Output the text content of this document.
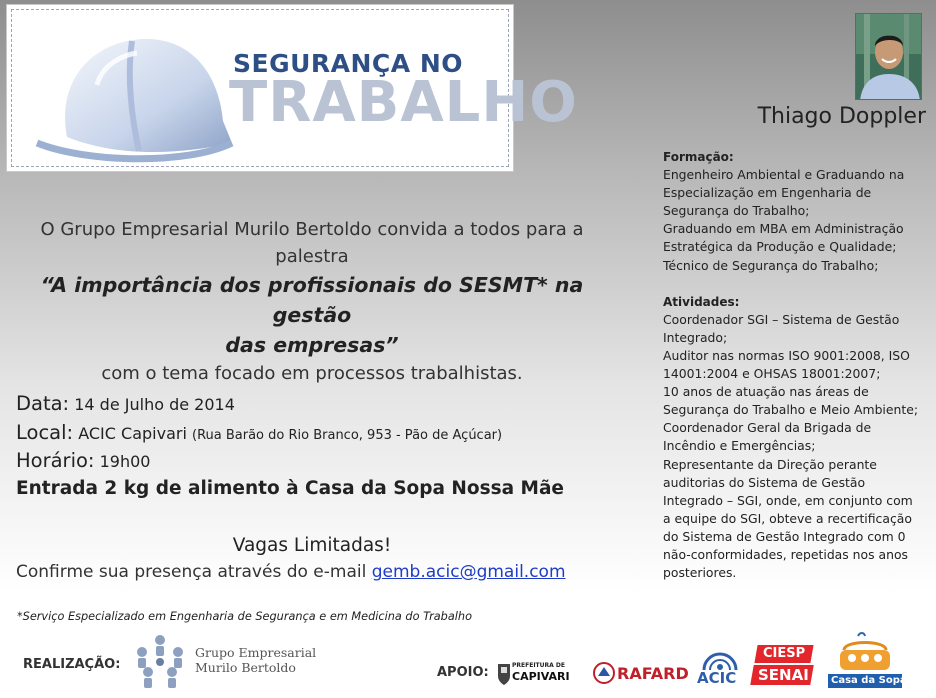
SEGURANÇA NO
TRABALHO	Thiago Doppler
Formação:
Engenheiro Ambiental e Graduando na
Especialização em Engenharia de
Segurança do Trabalho;
Graduando em MBA em Administração
Estratégica da Produção e Qualidade;
Técnico de Segurança do Trabalho;
Atividades:
Coordenador SGI – Sistema de Gestão
Integrado;
Auditor nas normas ISO 9001:2008, ISO
14001:2004 e OHSAS 18001:2007;
10 anos de atuação nas áreas de
Segurança do Trabalho e Meio Ambiente;
Coordenador Geral da Brigada de
Incêndio e Emergências;
Representante da Direção perante
auditorias do Sistema de Gestão
Integrado – SGI, onde, em conjunto com
a equipe do SGI, obteve a recertificação
do Sistema de Gestão Integrado com 0
não-conformidades, repetidas nos anos
posteriores.
O Grupo Empresarial Murilo Bertoldo convida a todos para a
palestra
“A importância dos profissionais do SESMT* na gestão
das empresas”
com o tema focado em processos trabalhistas.
Data: 14 de Julho de 2014
Local: ACIC Capivari (Rua Barão do Rio Branco, 953 - Pão de Açúcar)
Horário: 19h00
Entrada 2 kg de alimento à Casa da Sopa Nossa Mãe
Vagas Limitadas!
Confirme sua presença através do e-mail gemb.acic@gmail.com
*Serviço Especializado em Engenharia de Segurança e em Medicina do Trabalho
REALIZAÇÃO:
Grupo Empresarial
Murilo Bertoldo	APOIO:	PREFEITURA DE
CAPIVARI	RAFARD ACIC
CIESP
SENAI Casa da Sopa
